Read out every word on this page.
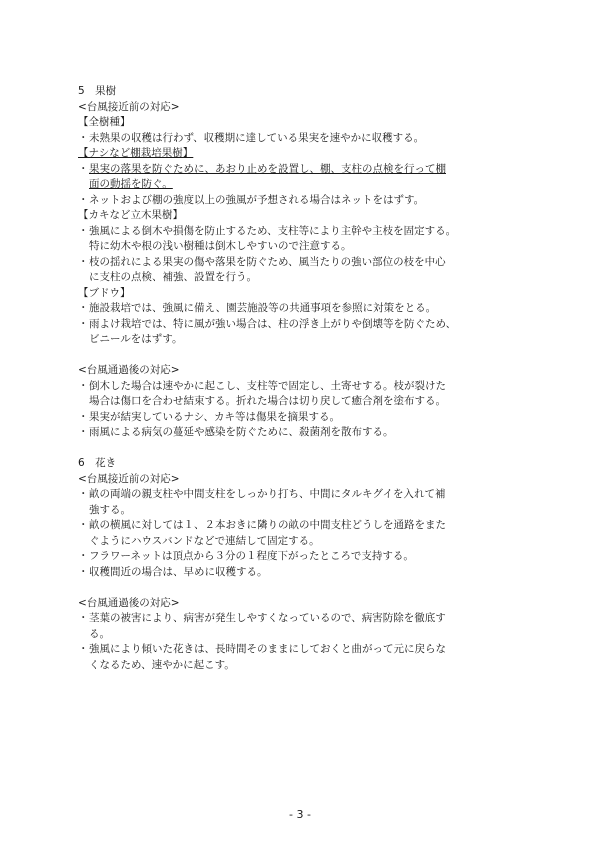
5　果樹
<台風接近前の対応>
【全樹種】
・ 未熟果の収穫は行わず、収穫期に達している果実を速やかに収穫する。
【ナシなど棚栽培果樹】
・ 果実の落果を防ぐために、あおり止めを設置し、棚、支柱の点検を行って棚
面の動揺を防ぐ。
・ ネットおよび棚の強度以上の強風が予想される場合はネットをはずす。
【カキなど立木果樹】
・ 強風による倒木や損傷を防止するため、支柱等により主幹や主枝を固定する。
特に幼木や根の浅い樹種は倒木しやすいので注意する。
・ 枝の揺れによる果実の傷や落果を防ぐため、風当たりの強い部位の枝を中心
に支柱の点検、補強、設置を行う。
【ブドウ】
・ 施設栽培では、強風に備え、園芸施設等の共通事項を参照に対策をとる。
・ 雨よけ栽培では、特に風が強い場合は、柱の浮き上がりや倒壊等を防ぐため、
ビニールをはずす。
<台風通過後の対応>
・ 倒木した場合は速やかに起こし、支柱等で固定し、土寄せする。枝が裂けた
場合は傷口を合わせ結束する。折れた場合は切り戻して癒合剤を塗布する。
・ 果実が結実しているナシ、カキ等は傷果を摘果する。
・ 雨風による病気の蔓延や感染を防ぐために、殺菌剤を散布する。
6　花き
<台風接近前の対応>
・ 畝の両端の親支柱や中間支柱をしっかり打ち、中間にタルキグイを入れて補
強する。
・ 畝の横風に対しては１、２本おきに隣りの畝の中間支柱どうしを通路をまた
ぐようにハウスバンドなどで連結して固定する。
・ フラワーネットは頂点から３分の１程度下がったところで支持する。
・ 収穫間近の場合は、早めに収穫する。
<台風通過後の対応>
・ 茎葉の被害により、病害が発生しやすくなっているので、病害防除を徹底す
る。
・ 強風により傾いた花きは、長時間そのままにしておくと曲がって元に戻らな
くなるため、速やかに起こす。
- 3 -
